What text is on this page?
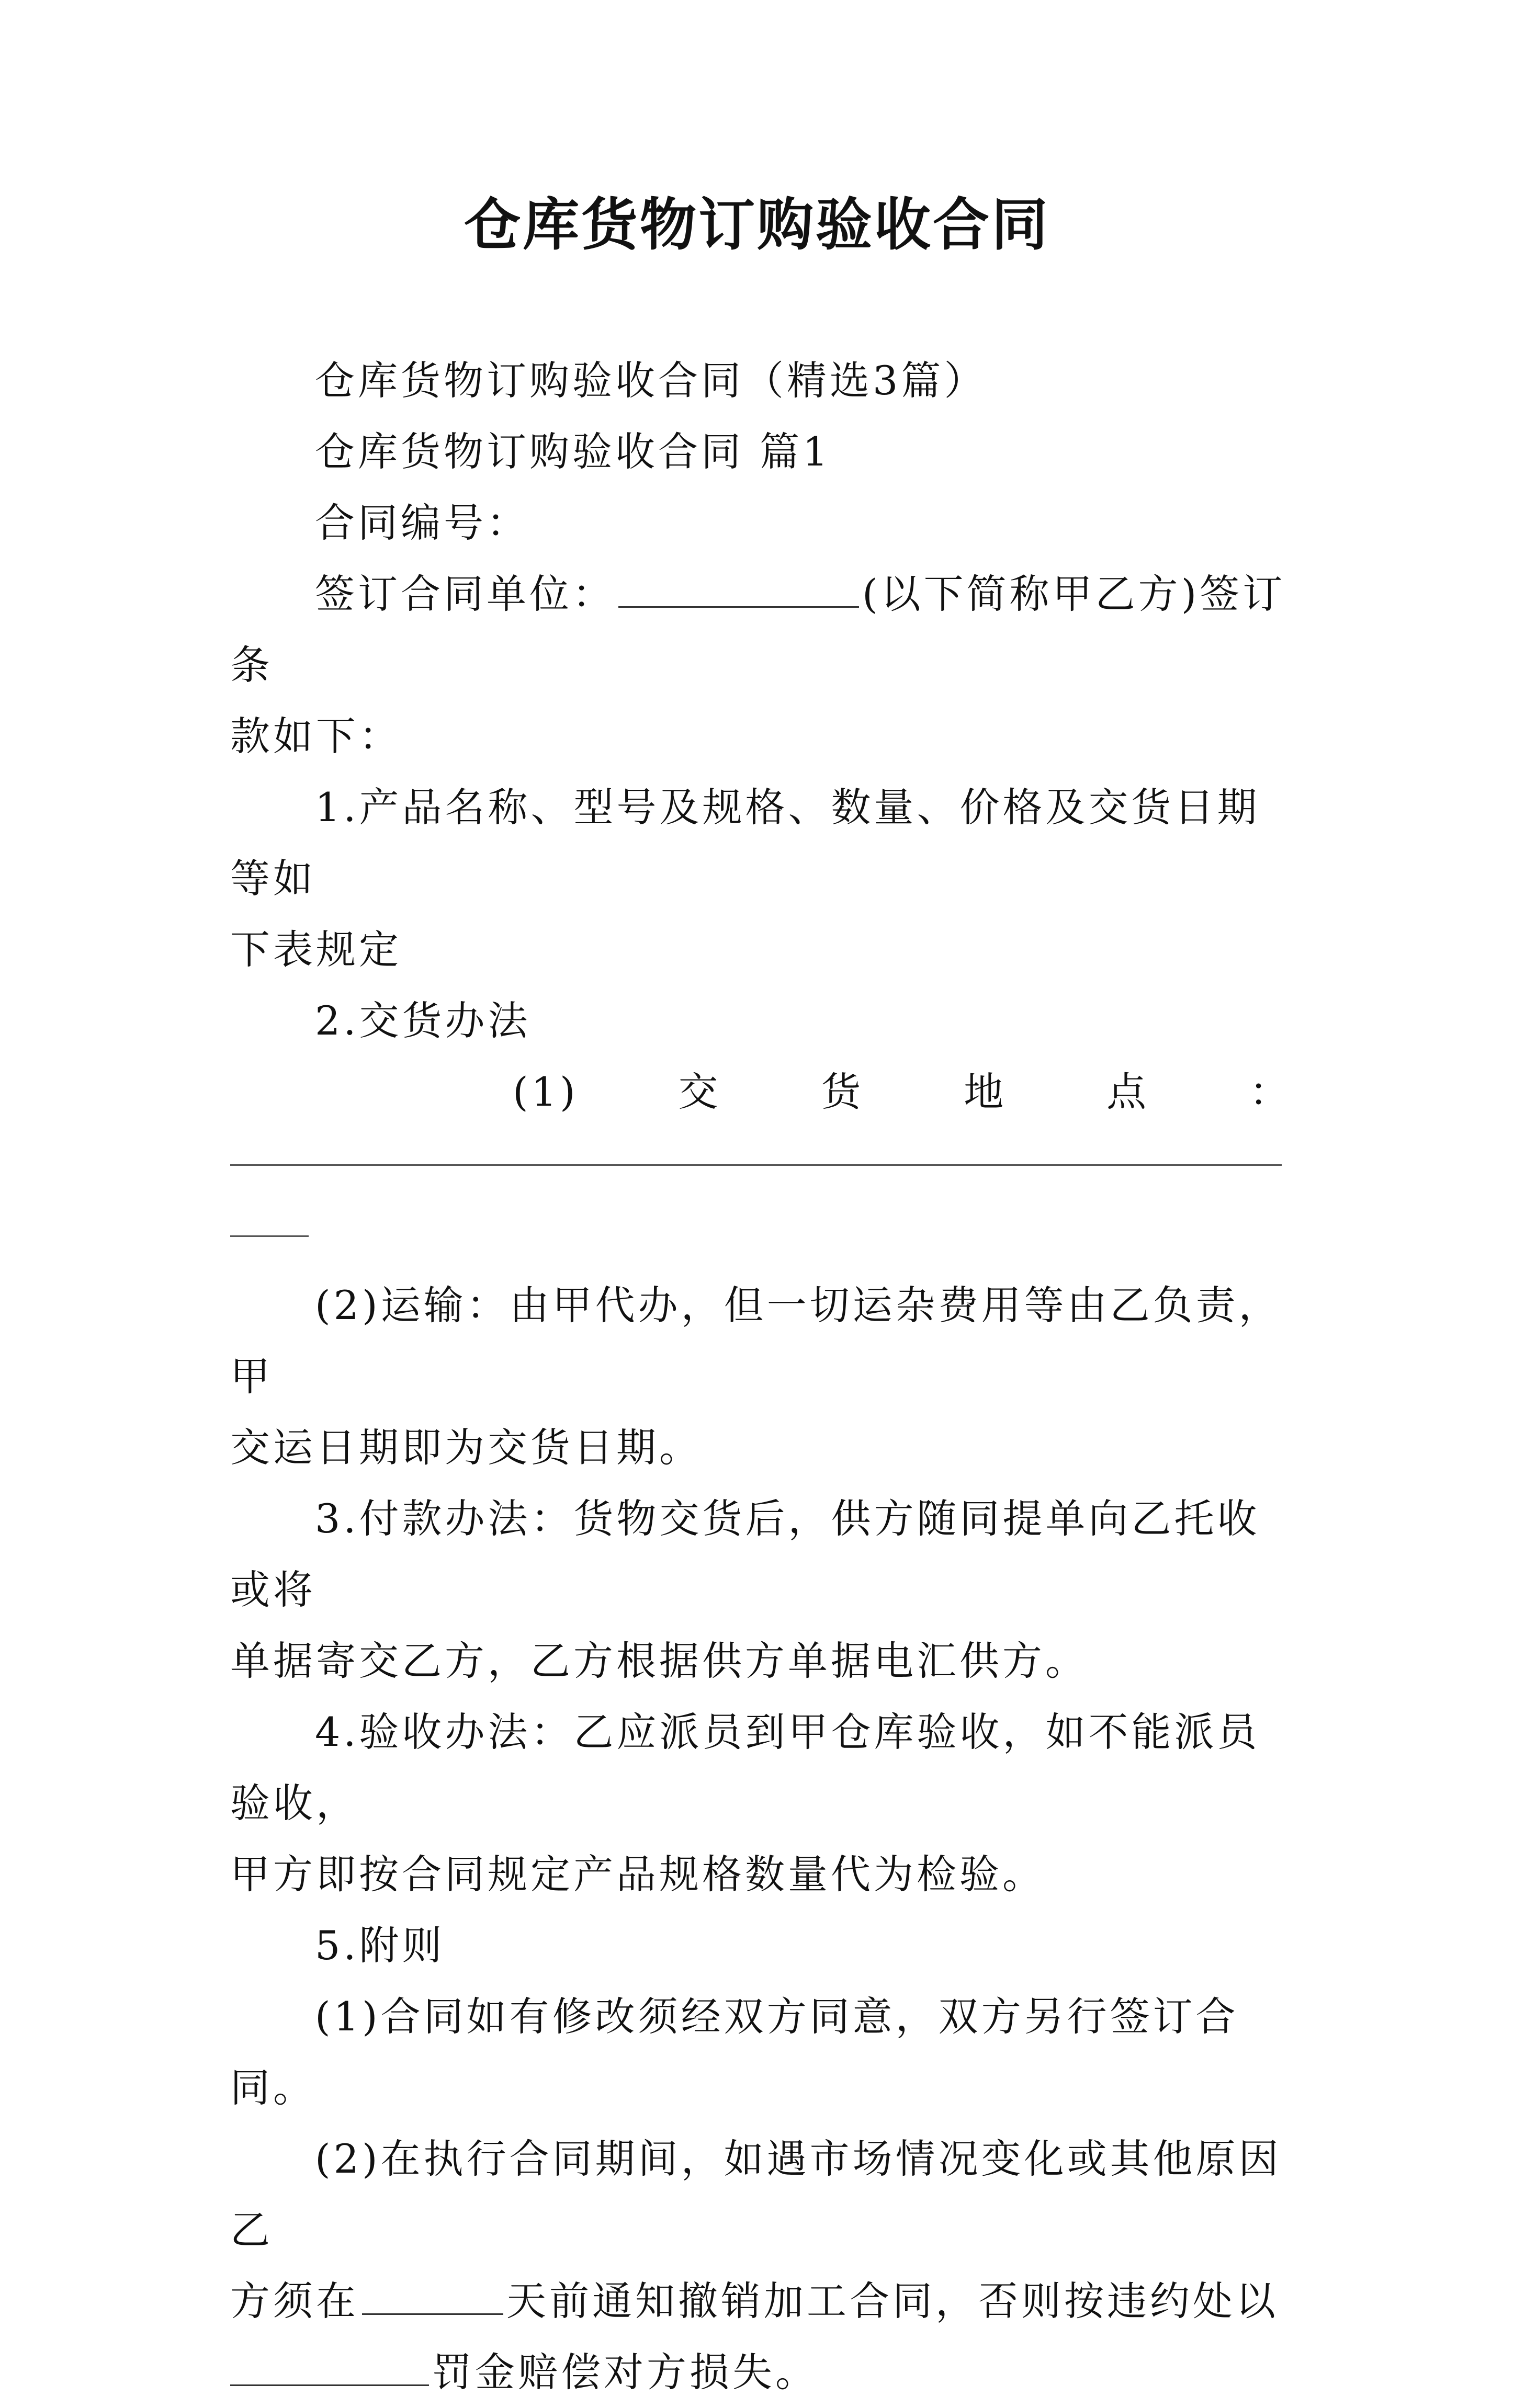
仓库货物订购验收合同

仓库货物订购验收合同（精选3篇）

仓库货物订购验收合同 篇1

合同编号：

签订合同单位：	(以下简称甲乙方)签订条

款如下：

1.产品名称、型号及规格、数量、价格及交货日期等如

下表规定

2.交货办法

(1)	交	货	地	点	：

(2)运输：由甲代办，但一切运杂费用等由乙负责，甲

交运日期即为交货日期。

3.付款办法：货物交货后，供方随同提单向乙托收或将

单据寄交乙方，乙方根据供方单据电汇供方。

4.验收办法：乙应派员到甲仓库验收，如不能派员验收，

甲方即按合同规定产品规格数量代为检验。

5.附则

(1)合同如有修改须经双方同意，双方另行签订合同。

(2)在执行合同期间，如遇市场情况变化或其他原因乙

方须在	天前通知撤销加工合同，否则按违约处以

罚金赔偿对方损失。
